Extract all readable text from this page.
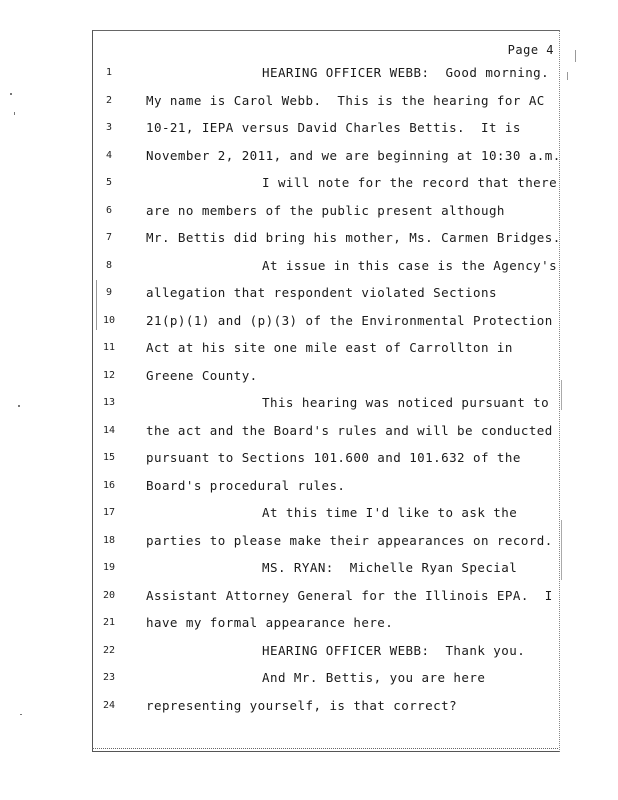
Page 4
1	HEARING OFFICER WEBB:  Good morning.
2	My name is Carol Webb.  This is the hearing for AC
3	10-21, IEPA versus David Charles Bettis.  It is
4	November 2, 2011, and we are beginning at 10:30 a.m.
5	I will note for the record that there
6	are no members of the public present although
7	Mr. Bettis did bring his mother, Ms. Carmen Bridges.
8	At issue in this case is the Agency's
9	allegation that respondent violated Sections
10	21(p)(1) and (p)(3) of the Environmental Protection
11	Act at his site one mile east of Carrollton in
12	Greene County.
13	This hearing was noticed pursuant to
14	the act and the Board's rules and will be conducted
15	pursuant to Sections 101.600 and 101.632 of the
16	Board's procedural rules.
17	At this time I'd like to ask the
18	parties to please make their appearances on record.
19	MS. RYAN:  Michelle Ryan Special
20	Assistant Attorney General for the Illinois EPA.  I
21	have my formal appearance here.
22	HEARING OFFICER WEBB:  Thank you.
23	And Mr. Bettis, you are here
24	representing yourself, is that correct?
